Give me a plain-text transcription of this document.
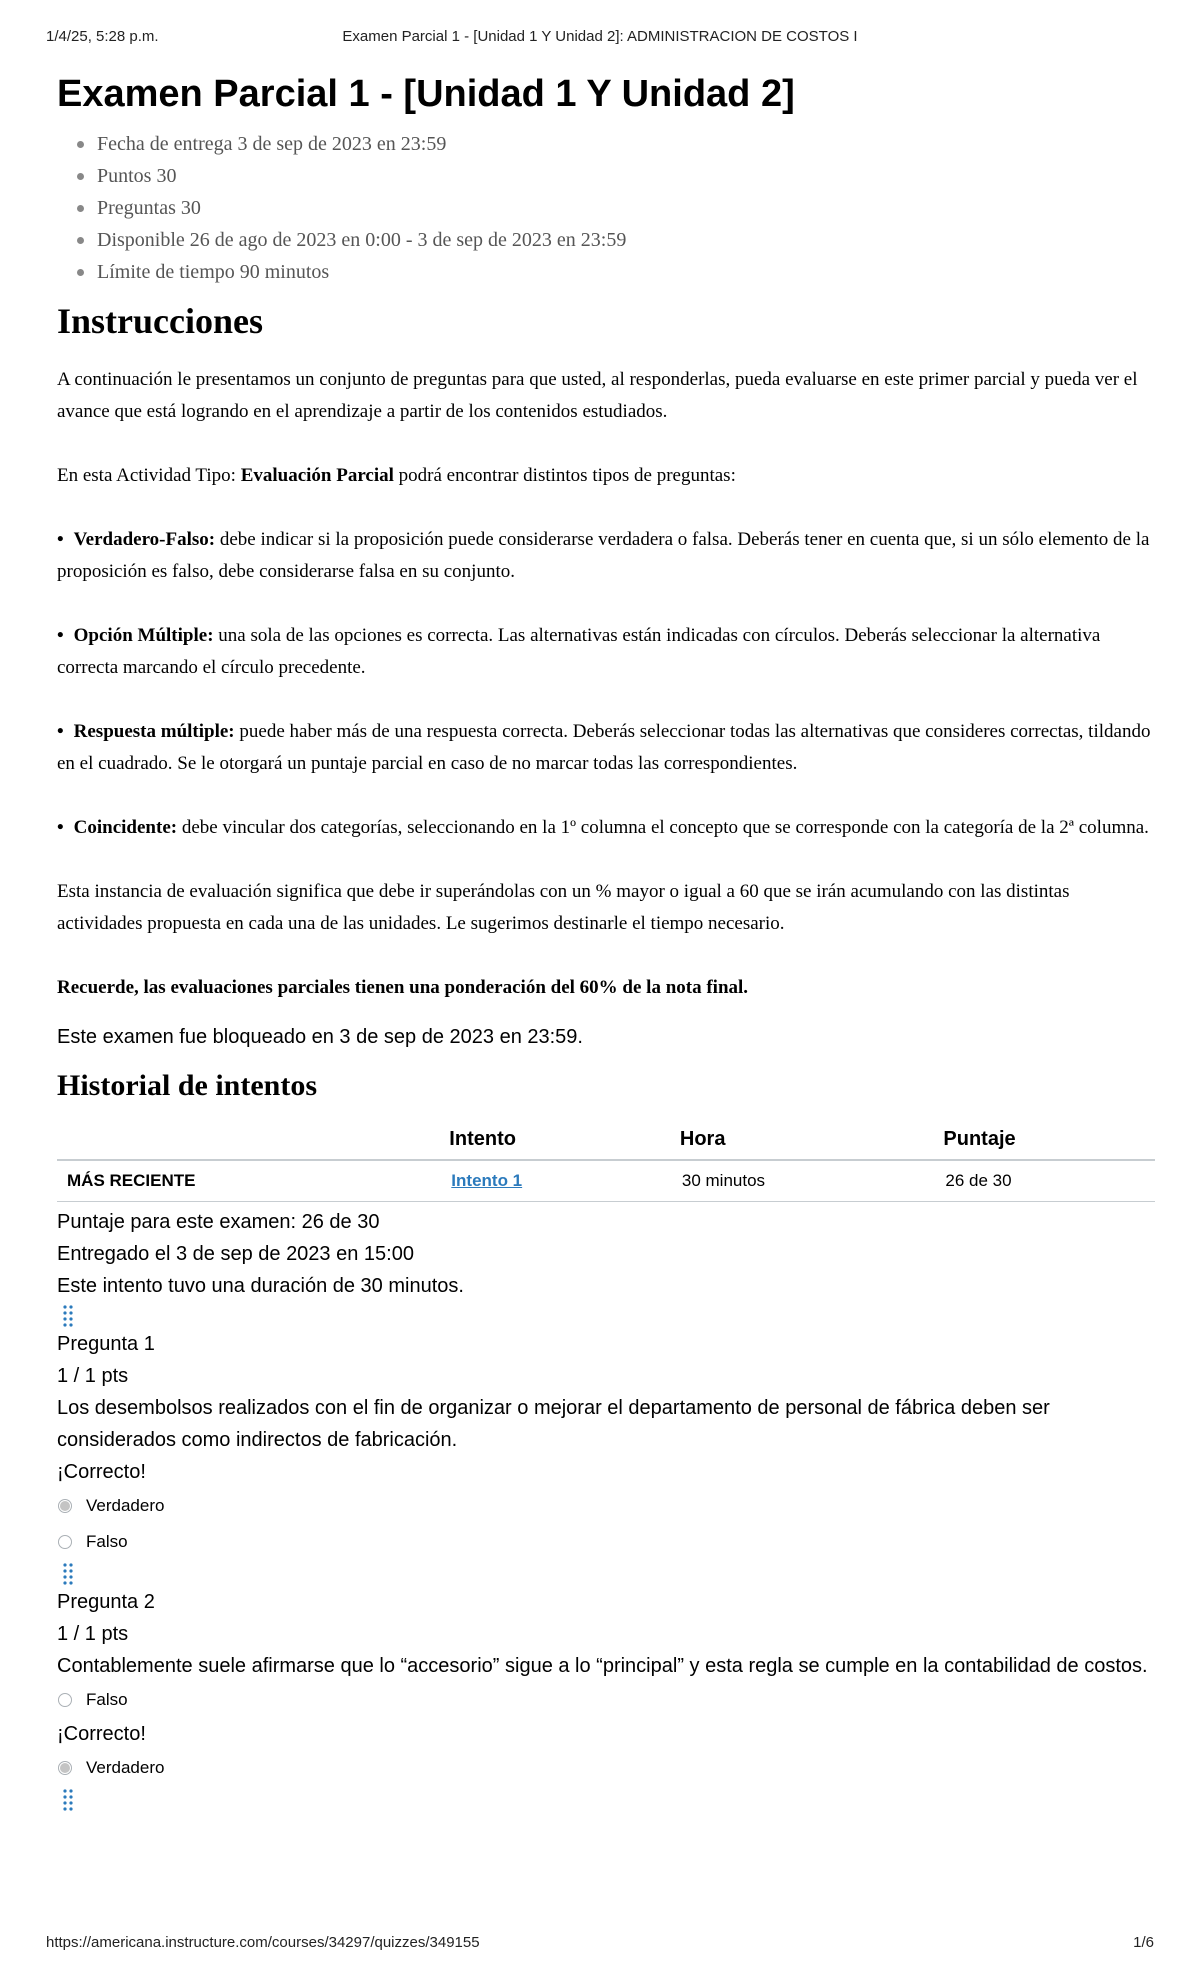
1/4/25, 5:28 p.m.	Examen Parcial 1 - [Unidad 1 Y Unidad 2]: ADMINISTRACION DE COSTOS I
Examen Parcial 1 - [Unidad 1 Y Unidad 2]
Fecha de entrega 3 de sep de 2023 en 23:59
Puntos 30
Preguntas 30
Disponible 26 de ago de 2023 en 0:00 - 3 de sep de 2023 en 23:59
Límite de tiempo 90 minutos
Instrucciones

A continuación le presentamos un conjunto de preguntas para que usted, al responderlas, pueda evaluarse en este primer parcial y pueda ver el avance que está logrando en el aprendizaje a partir de los contenidos estudiados.

En esta Actividad Tipo: Evaluación Parcial podrá encontrar distintos tipos de preguntas:

• Verdadero-Falso: debe indicar si la proposición puede considerarse verdadera o falsa. Deberás tener en cuenta que, si un sólo elemento de la proposición es falso, debe considerarse falsa en su conjunto.

• Opción Múltiple: una sola de las opciones es correcta. Las alternativas están indicadas con círculos. Deberás seleccionar la alternativa correcta marcando el círculo precedente.

• Respuesta múltiple: puede haber más de una respuesta correcta. Deberás seleccionar todas las alternativas que consideres correctas, tildando en el cuadrado. Se le otorgará un puntaje parcial en caso de no marcar todas las correspondientes.

• Coincidente: debe vincular dos categorías, seleccionando en la 1º columna el concepto que se corresponde con la categoría de la 2ª columna.

Esta instancia de evaluación significa que debe ir superándolas con un % mayor o igual a 60 que se irán acumulando con las distintas actividades propuesta en cada una de las unidades. Le sugerimos destinarle el tiempo necesario.

Recuerde, las evaluaciones parciales tienen una ponderación del 60% de la nota final.

Este examen fue bloqueado en 3 de sep de 2023 en 23:59.

Historial de intentos
	Intento	Hora	Puntaje
MÁS RECIENTE	Intento 1	30 minutos	26 de 30

Puntaje para este examen: 26 de 30

Entregado el 3 de sep de 2023 en 15:00

Este intento tuvo una duración de 30 minutos.

Pregunta 1

1 / 1 pts

Los desembolsos realizados con el fin de organizar o mejorar el departamento de personal de fábrica deben ser considerados como indirectos de fabricación.

¡Correcto!

Verdadero
Falso

Pregunta 2

1 / 1 pts

Contablemente suele afirmarse que lo “accesorio” sigue a lo “principal” y esta regla se cumple en la contabilidad de costos.

Falso

¡Correcto!

Verdadero
https://americana.instructure.com/courses/34297/quizzes/349155	1/6
